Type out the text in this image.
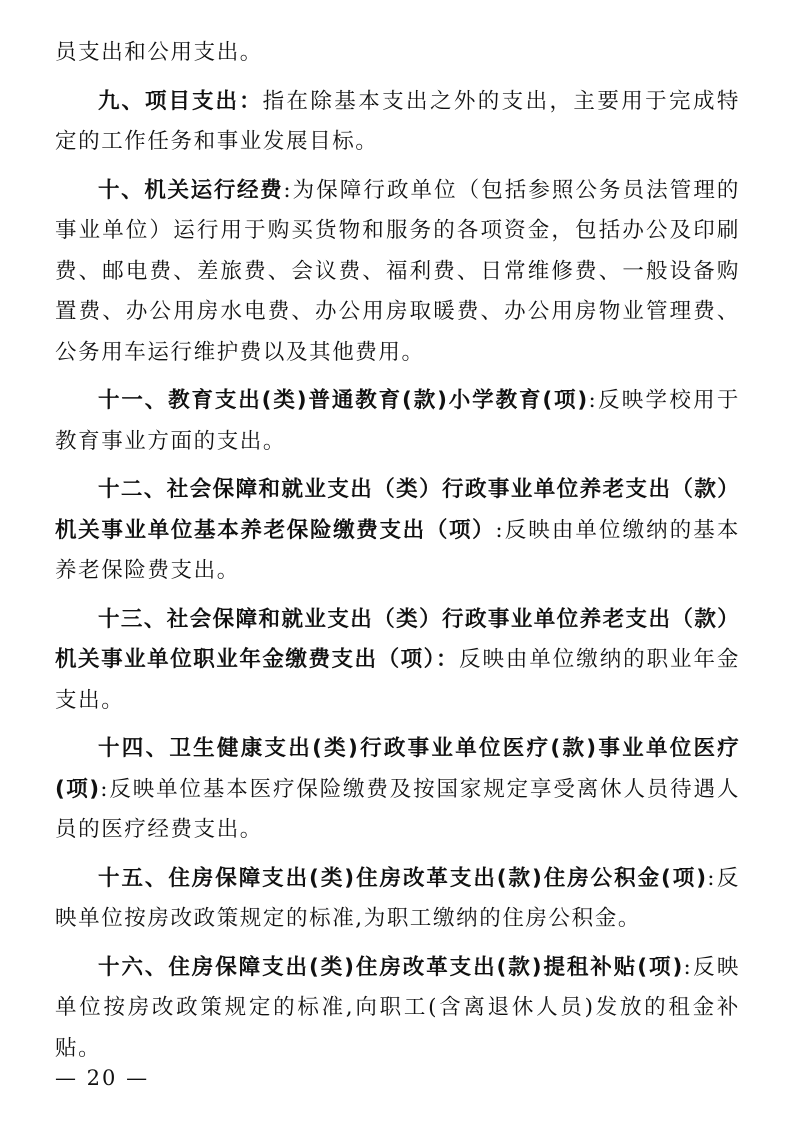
员支出和公用支出。

九、项目支出：指在除基本支出之外的支出，主要用于完成特定的工作任务和事业发展目标。

十、机关运行经费:为保障行政单位（包括参照公务员法管理的事业单位）运行用于购买货物和服务的各项资金，包括办公及印刷费、邮电费、差旅费、会议费、福利费、日常维修费、一般设备购置费、办公用房水电费、办公用房取暖费、办公用房物业管理费、公务用车运行维护费以及其他费用。

十一、教育支出(类)普通教育(款)小学教育(项):反映学校用于教育事业方面的支出。

十二、社会保障和就业支出（类）行政事业单位养老支出（款）机关事业单位基本养老保险缴费支出（项）:反映由单位缴纳的基本养老保险费支出。

十三、社会保障和就业支出（类）行政事业单位养老支出（款）机关事业单位职业年金缴费支出（项）：反映由单位缴纳的职业年金支出。

十四、卫生健康支出(类)行政事业单位医疗(款)事业单位医疗(项):反映单位基本医疗保险缴费及按国家规定享受离休人员待遇人员的医疗经费支出。

十五、住房保障支出(类)住房改革支出(款)住房公积金(项):反映单位按房改政策规定的标准,为职工缴纳的住房公积金。

十六、住房保障支出(类)住房改革支出(款)提租补贴(项):反映单位按房改政策规定的标准,向职工(含离退休人员)发放的租金补贴。

— 20 —
